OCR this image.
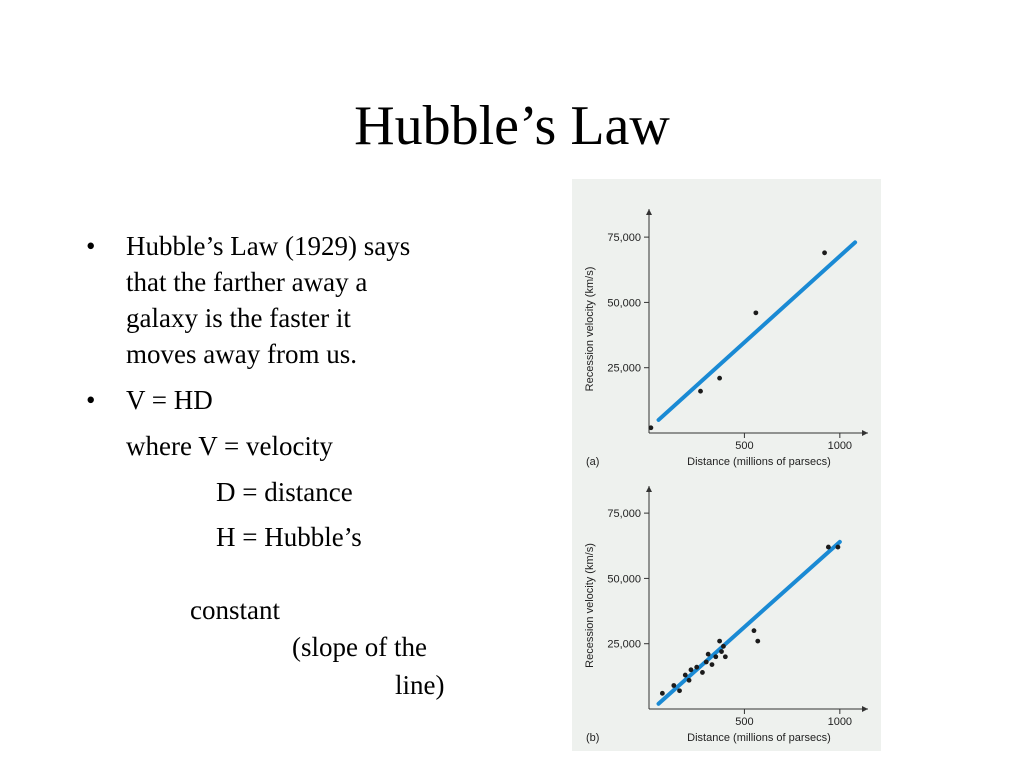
Hubble’s Law
• Hubble’s Law (1929) says
that the farther away a
galaxy is the faster it
moves away from us.
• V = HD
where V = velocity
D = distance
H = Hubble’s
constant
(slope of the
line)
25,000
50,000
75,000
500	1000
Distance (millions of parsecs)
Recession velocity (km/s)
(a)
25,000
50,000
75,000
500	1000
Distance (millions of parsecs)
Recession velocity (km/s)
(b)
